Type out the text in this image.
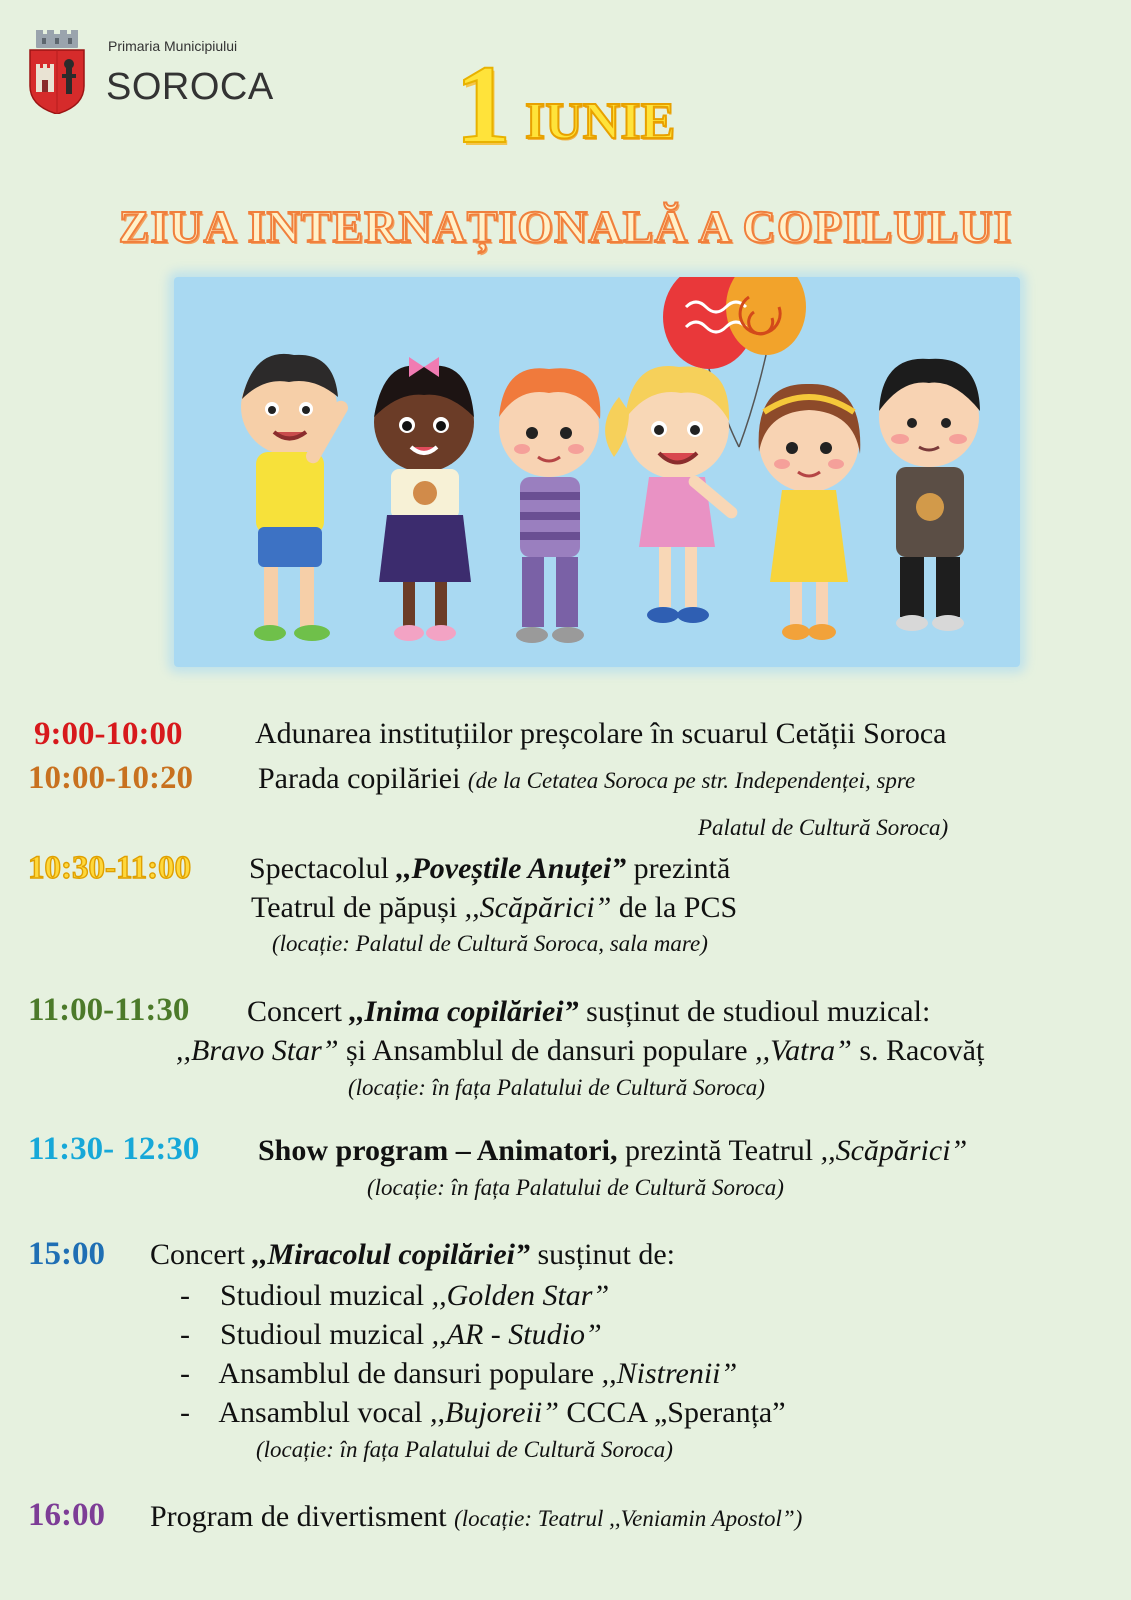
Primaria Municipiului
SOROCA 1 IUNIE
ZIUA INTERNAȚIONALĂ A COPILULUI
9:00-10:00 Adunarea instituțiilor preșcolare în scuarul Cetății Soroca
10:00-10:20 Parada copilăriei (de la Cetatea Soroca pe str. Independenței, spre
Palatul de Cultură Soroca)
10:30-11:00 Spectacolul ,,Poveștile Anuței” prezintă
Teatrul de păpuși ,,Scăpărici” de la PCS
(locație: Palatul de Cultură Soroca, sala mare)
11:00-11:30 Concert ,,Inima copilăriei” susținut de studioul muzical:
,,Bravo Star” și Ansamblul de dansuri populare ,,Vatra” s. Racovăț
(locație: în fața Palatului de Cultură Soroca)
11:30- 12:30 Show program – Animatori, prezintă Teatrul ,,Scăpărici”
(locație: în fața Palatului de Cultură Soroca)
15:00 Concert ,,Miracolul copilăriei” susținut de:
-    Studioul muzical ,,Golden Star”
-    Studioul muzical ,,AR - Studio”
-    Ansamblul de dansuri populare ,,Nistrenii”
-    Ansamblul vocal ,,Bujoreii” CCCA „Speranța”
(locație: în fața Palatului de Cultură Soroca)
16:00 Program de divertisment (locație: Teatrul ,,Veniamin Apostol”)
